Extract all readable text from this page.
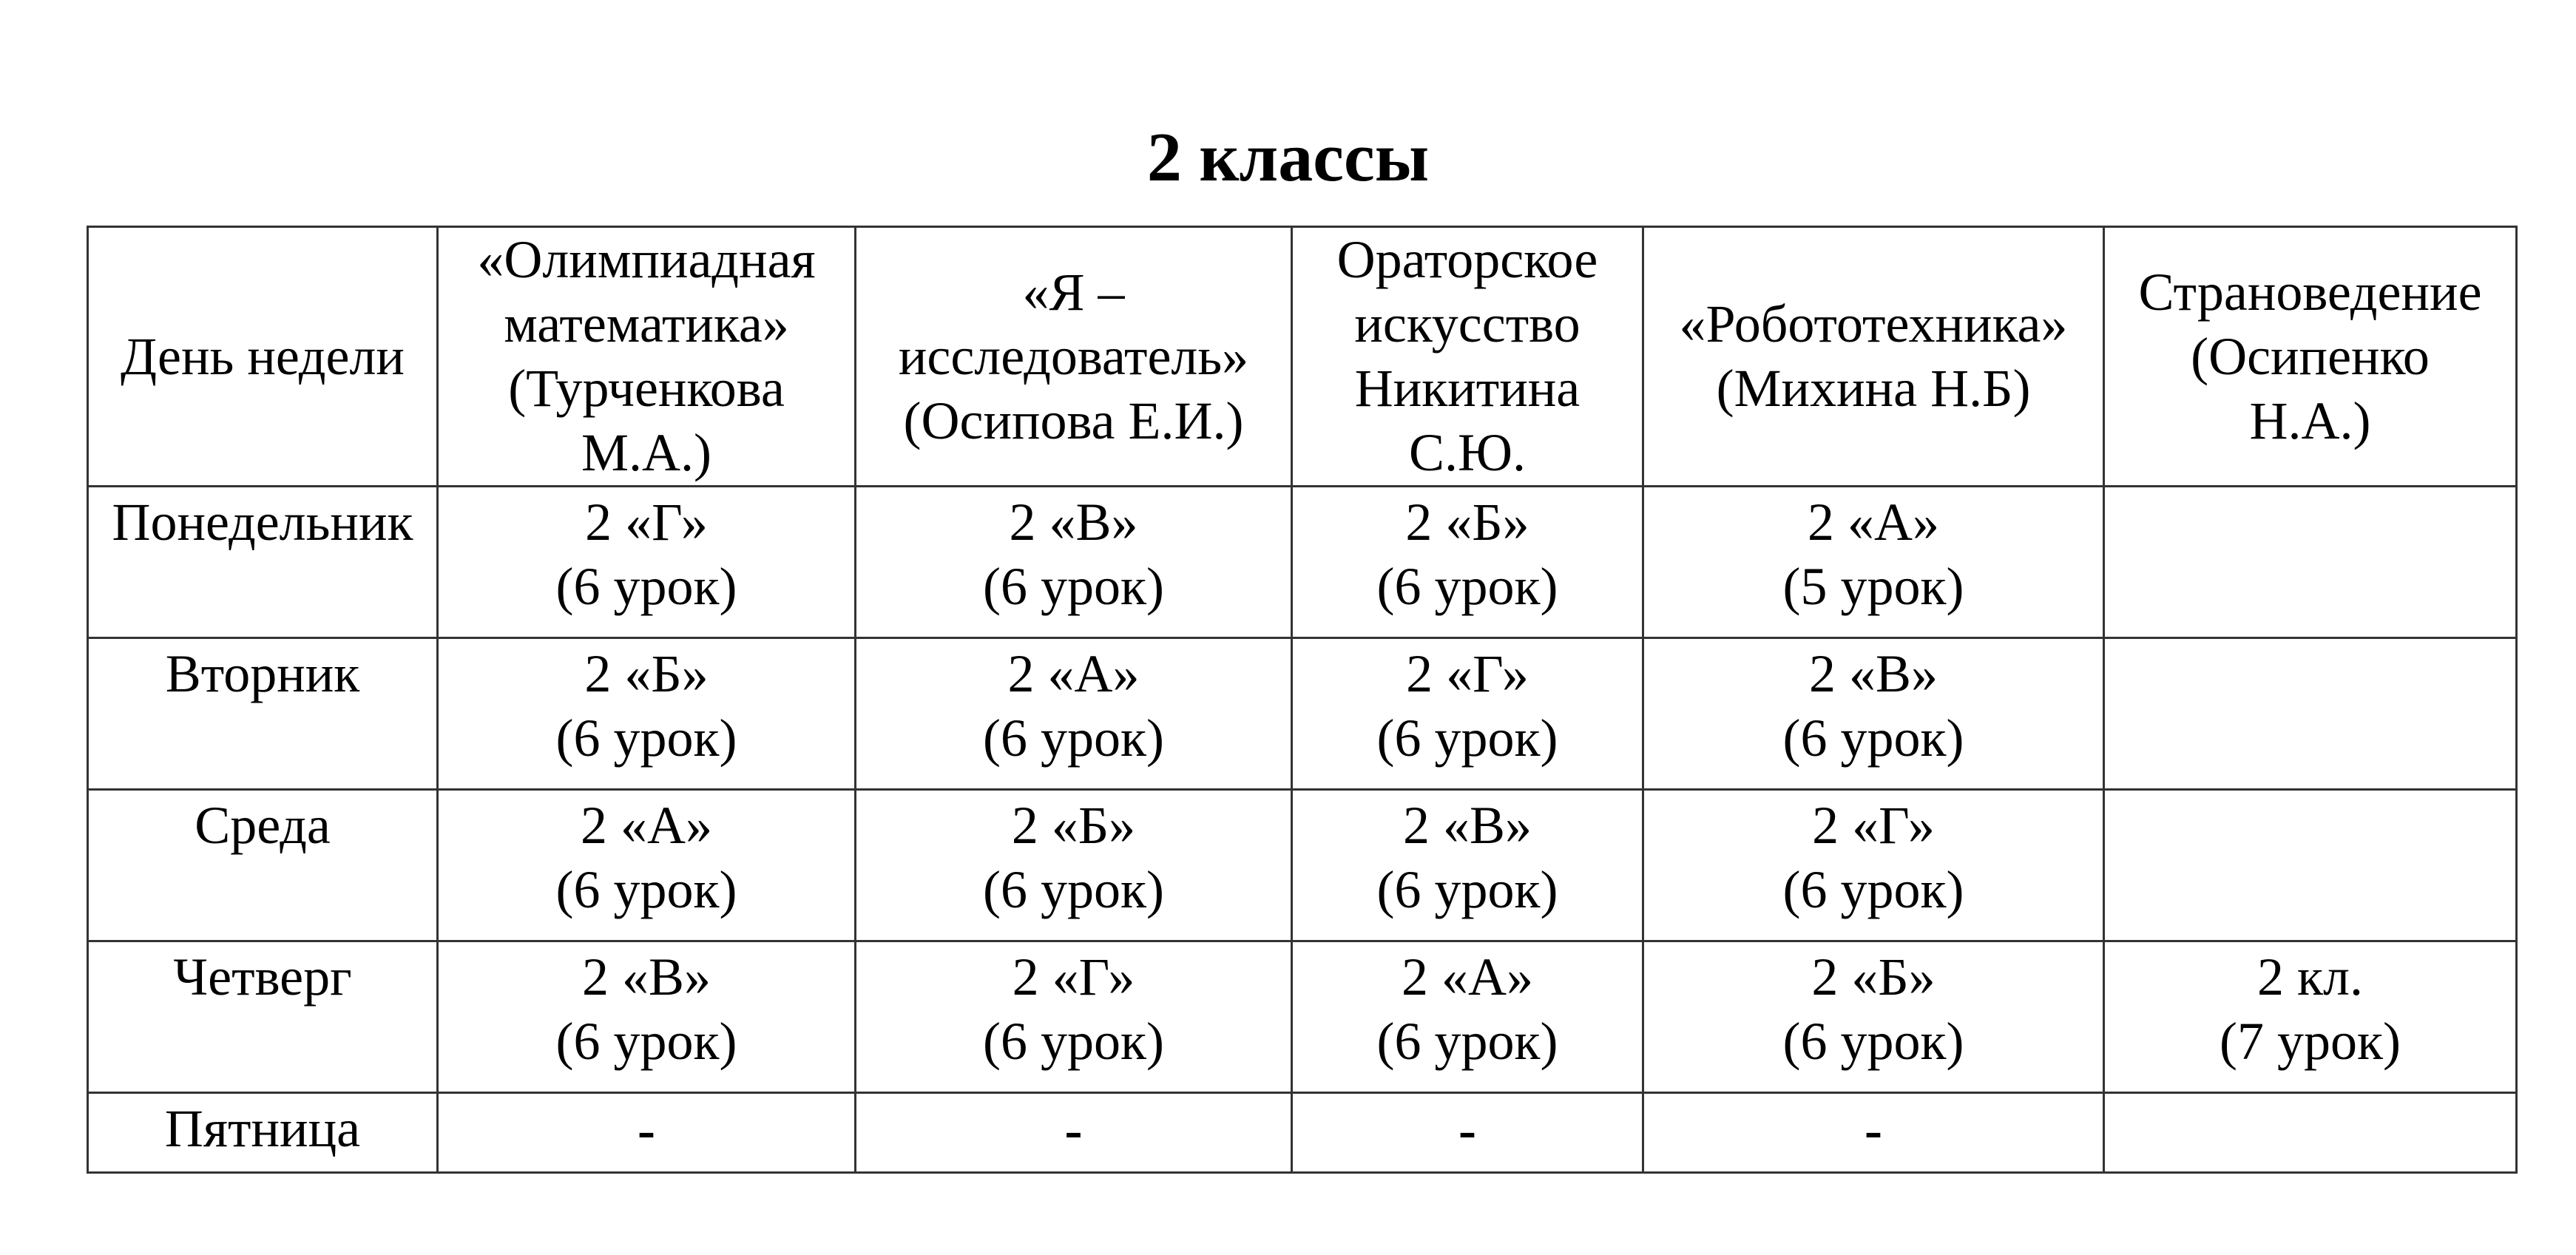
2 классы
День недели	«Олимпиадная
математика»
(Турченкова
М.А.)	«Я –
исследователь»
(Осипова Е.И.)	Ораторское
искусство
Никитина
С.Ю.	«Робототехника»
(Михина Н.Б)	Страноведение
(Осипенко
Н.А.)

Понедельник	2 «Г»
(6 урок)	2 «В»
(6 урок)	2 «Б»
(6 урок)	2 «А»
(5 урок)	

Вторник	2 «Б»
(6 урок)	2 «А»
(6 урок)	2 «Г»
(6 урок)	2 «В»
(6 урок)	

Среда	2 «А»
(6 урок)	2 «Б»
(6 урок)	2 «В»
(6 урок)	2 «Г»
(6 урок)	

Четверг	2 «В»
(6 урок)	2 «Г»
(6 урок)	2 «А»
(6 урок)	2 «Б»
(6 урок)	2 кл.
(7 урок)

Пятница	-	-	-	-	
